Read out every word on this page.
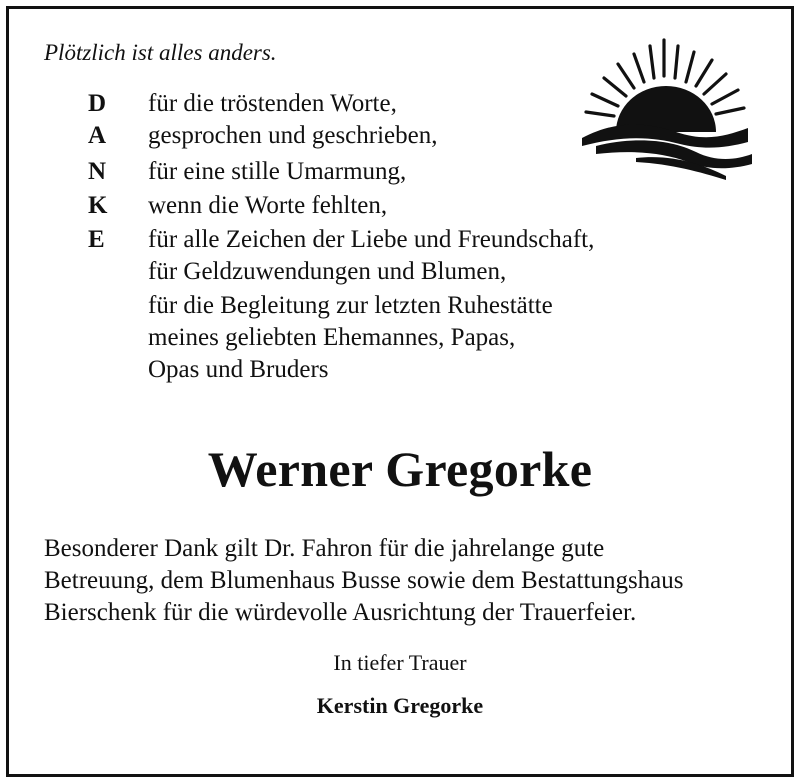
Plötzlich ist alles anders.
D für die tröstenden Worte,
A gesprochen und geschrieben,
N für eine stille Umarmung,
K wenn die Worte fehlten,
E für alle Zeichen der Liebe und Freundschaft,
für Geldzuwendungen und Blumen,
für die Begleitung zur letzten Ruhestätte
meines geliebten Ehemannes, Papas,
Opas und Bruders
Werner Gregorke
Besonderer Dank gilt Dr. Fahron für die jahrelange gute
Betreuung, dem Blumenhaus Busse sowie dem Bestattungshaus
Bierschenk für die würdevolle Ausrichtung der Trauerfeier.
In tiefer Trauer
Kerstin Gregorke
